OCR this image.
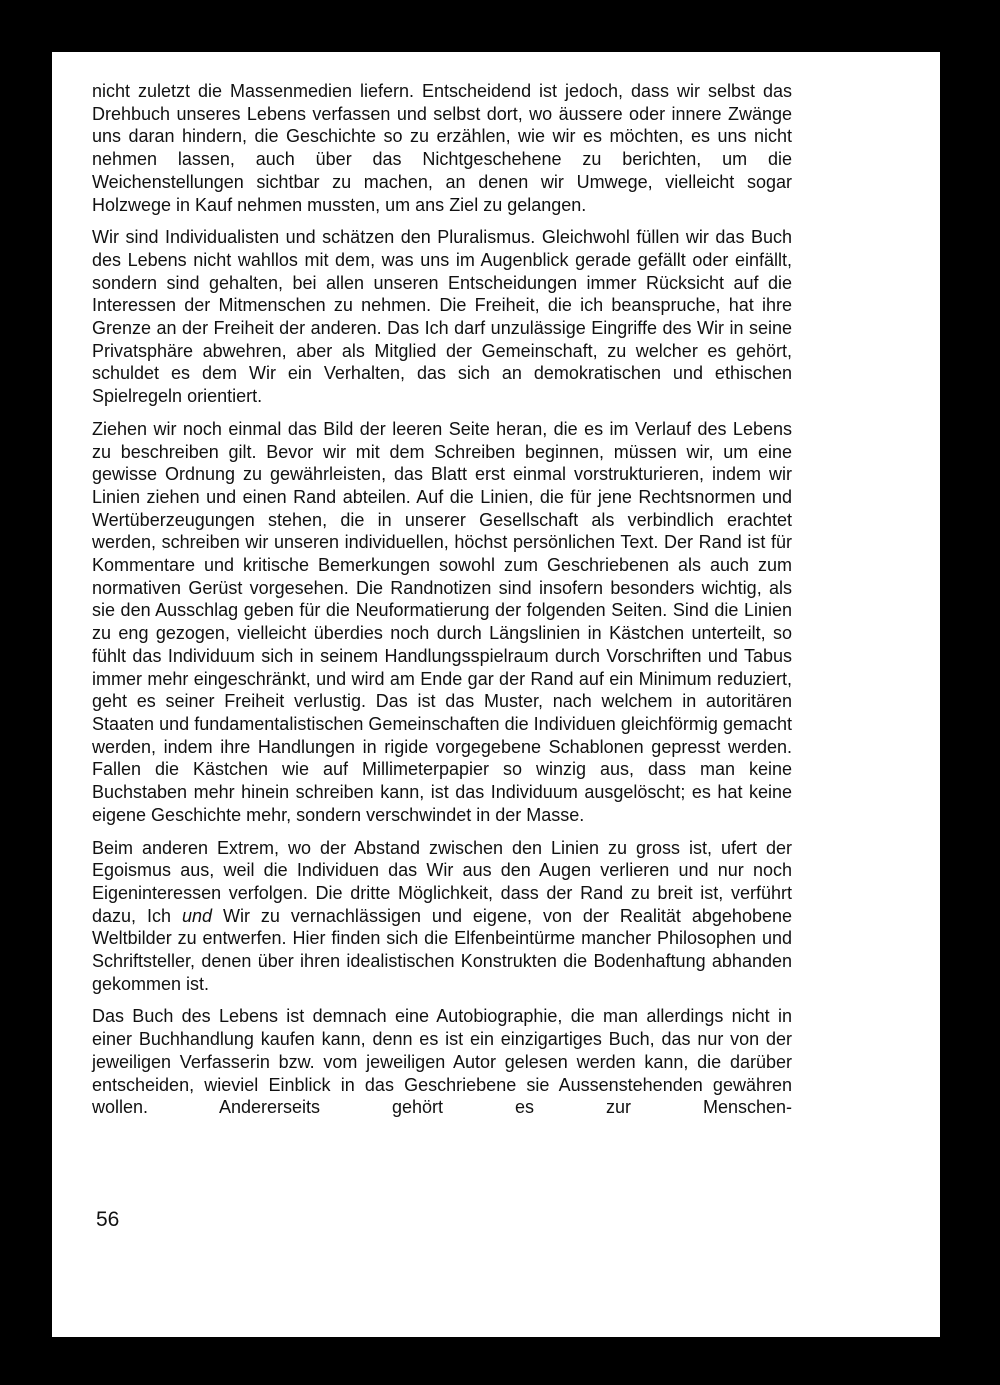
nicht zuletzt die Massenmedien liefern. Entscheidend ist jedoch, dass wir selbst das Drehbuch unseres Lebens verfassen und selbst dort, wo äussere oder innere Zwänge uns daran hindern, die Geschichte so zu erzählen, wie wir es möchten, es uns nicht nehmen lassen, auch über das Nichtgeschehene zu berichten, um die Weichenstellungen sichtbar zu machen, an denen wir Umwege, vielleicht sogar Holzwege in Kauf nehmen mussten, um ans Ziel zu gelangen.

Wir sind Individualisten und schätzen den Pluralismus. Gleichwohl füllen wir das Buch des Lebens nicht wahllos mit dem, was uns im Augenblick gerade gefällt oder einfällt, sondern sind gehalten, bei allen unseren Entscheidungen immer Rücksicht auf die Interessen der Mitmenschen zu nehmen. Die Freiheit, die ich beanspruche, hat ihre Grenze an der Freiheit der anderen. Das Ich darf unzulässige Eingriffe des Wir in seine Privatsphäre abwehren, aber als Mitglied der Gemeinschaft, zu welcher es gehört, schuldet es dem Wir ein Verhalten, das sich an demokratischen und ethischen Spielregeln orientiert.

Ziehen wir noch einmal das Bild der leeren Seite heran, die es im Verlauf des Lebens zu beschreiben gilt. Bevor wir mit dem Schreiben beginnen, müssen wir, um eine gewisse Ordnung zu gewährleisten, das Blatt erst einmal vorstrukturieren, indem wir Linien ziehen und einen Rand abteilen. Auf die Linien, die für jene Rechtsnormen und Wertüberzeugungen stehen, die in unserer Gesellschaft als verbindlich erachtet werden, schreiben wir unseren individuellen, höchst persönlichen Text. Der Rand ist für Kommentare und kritische Bemerkungen sowohl zum Geschriebenen als auch zum normativen Gerüst vorgesehen. Die Randnotizen sind insofern besonders wichtig, als sie den Ausschlag geben für die Neuformatierung der folgenden Seiten. Sind die Linien zu eng gezogen, vielleicht überdies noch durch Längslinien in Kästchen unterteilt, so fühlt das Individuum sich in seinem Handlungsspielraum durch Vorschriften und Tabus immer mehr eingeschränkt, und wird am Ende gar der Rand auf ein Minimum reduziert, geht es seiner Freiheit verlustig. Das ist das Muster, nach welchem in autoritären Staaten und fundamentalistischen Gemeinschaften die Individuen gleichförmig gemacht werden, indem ihre Handlungen in rigide vorgegebene Schablonen gepresst werden. Fallen die Kästchen wie auf Millimeterpapier so winzig aus, dass man keine Buchstaben mehr hinein schreiben kann, ist das Individuum ausgelöscht; es hat keine eigene Geschichte mehr, sondern verschwindet in der Masse.

Beim anderen Extrem, wo der Abstand zwischen den Linien zu gross ist, ufert der Egoismus aus, weil die Individuen das Wir aus den Augen verlieren und nur noch Eigeninteressen verfolgen. Die dritte Möglichkeit, dass der Rand zu breit ist, verführt dazu, Ich und Wir zu vernachlässigen und eigene, von der Realität abgehobene Weltbilder zu entwerfen. Hier finden sich die Elfenbeintürme mancher Philosophen und Schriftsteller, denen über ihren idealistischen Konstrukten die Bodenhaftung abhanden gekommen ist.

Das Buch des Lebens ist demnach eine Autobiographie, die man allerdings nicht in einer Buchhandlung kaufen kann, denn es ist ein einzigartiges Buch, das nur von der jeweiligen Verfasserin bzw. vom jeweiligen Autor gelesen werden kann, die darüber entscheiden, wieviel Einblick in das Geschriebene sie Aussenstehenden gewähren wollen. Andererseits gehört es zur Menschen-

56
